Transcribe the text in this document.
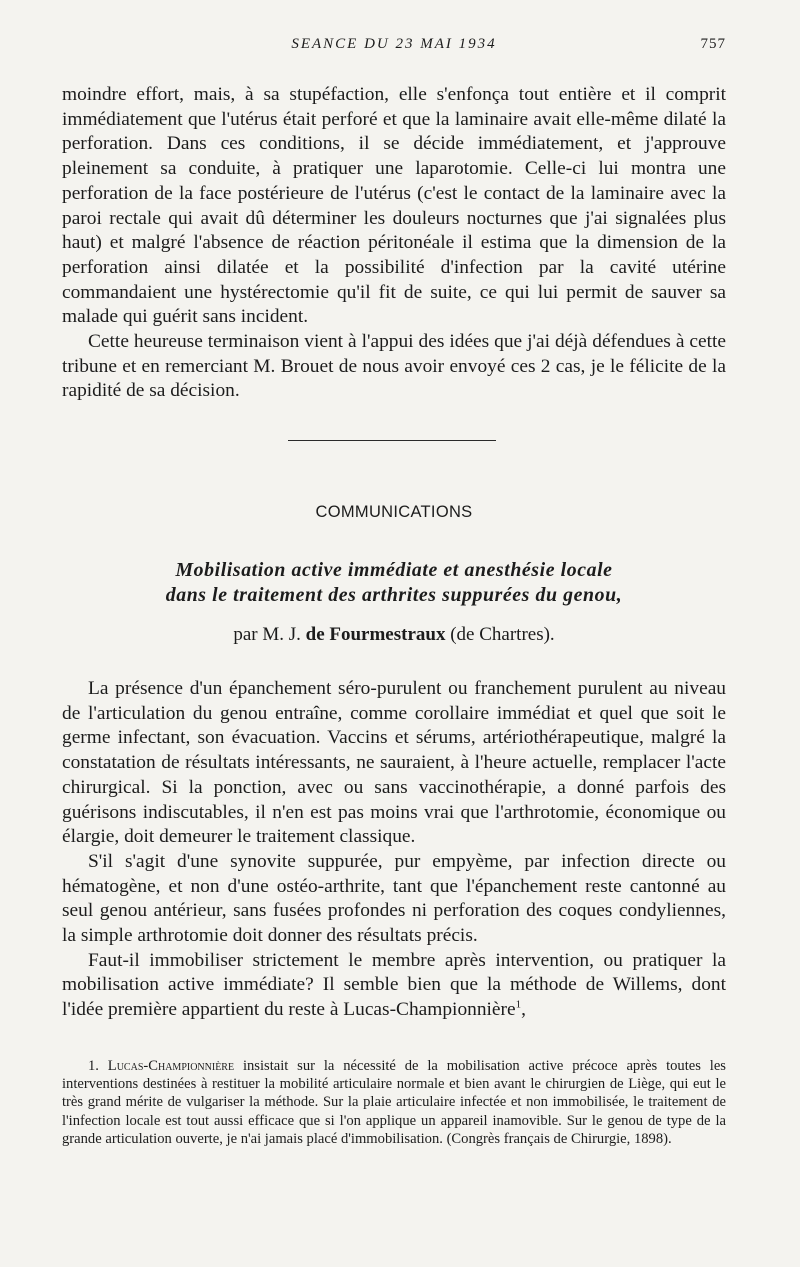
SEANCE DU 23 MAI 1934	757

moindre effort, mais, à sa stupéfaction, elle s'enfonça tout entière et il comprit immédiatement que l'utérus était perforé et que la laminaire avait elle-même dilaté la perforation. Dans ces conditions, il se décide immédiatement, et j'approuve pleinement sa conduite, à pratiquer une laparotomie. Celle-ci lui montra une perforation de la face postérieure de l'utérus (c'est le contact de la laminaire avec la paroi rectale qui avait dû déterminer les douleurs nocturnes que j'ai signalées plus haut) et malgré l'absence de réaction péritonéale il estima que la dimension de la perforation ainsi dilatée et la possibilité d'infection par la cavité utérine commandaient une hystérectomie qu'il fit de suite, ce qui lui permit de sauver sa malade qui guérit sans incident.

Cette heureuse terminaison vient à l'appui des idées que j'ai déjà défendues à cette tribune et en remerciant M. Brouet de nous avoir envoyé ces 2 cas, je le félicite de la rapidité de sa décision.

COMMUNICATIONS
Mobilisation active immédiate et anesthésie locale
dans le traitement des arthrites suppurées du genou,
par M. J. de Fourmestraux (de Chartres).

La présence d'un épanchement séro-purulent ou franchement purulent au niveau de l'articulation du genou entraîne, comme corollaire immédiat et quel que soit le germe infectant, son évacuation. Vaccins et sérums, artériothérapeutique, malgré la constatation de résultats intéressants, ne sauraient, à l'heure actuelle, remplacer l'acte chirurgical. Si la ponction, avec ou sans vaccinothérapie, a donné parfois des guérisons indiscutables, il n'en est pas moins vrai que l'arthrotomie, économique ou élargie, doit demeurer le traitement classique.

S'il s'agit d'une synovite suppurée, pur empyème, par infection directe ou hématogène, et non d'une ostéo-arthrite, tant que l'épanchement reste cantonné au seul genou antérieur, sans fusées profondes ni perforation des coques condyliennes, la simple arthrotomie doit donner des résultats précis.

Faut-il immobiliser strictement le membre après intervention, ou pratiquer la mobilisation active immédiate? Il semble bien que la méthode de Willems, dont l'idée première appartient du reste à Lucas-Championnière$^1$,

1. Lucas-Championnière insistait sur la nécessité de la mobilisation active précoce après toutes les interventions destinées à restituer la mobilité articulaire normale et bien avant le chirurgien de Liège, qui eut le très grand mérite de vulgariser la méthode. Sur la plaie articulaire infectée et non immobilisée, le traitement de l'infection locale est tout aussi efficace que si l'on applique un appareil inamovible. Sur le genou de type de la grande articulation ouverte, je n'ai jamais placé d'immobilisation. (Congrès français de Chirurgie, 1898).
